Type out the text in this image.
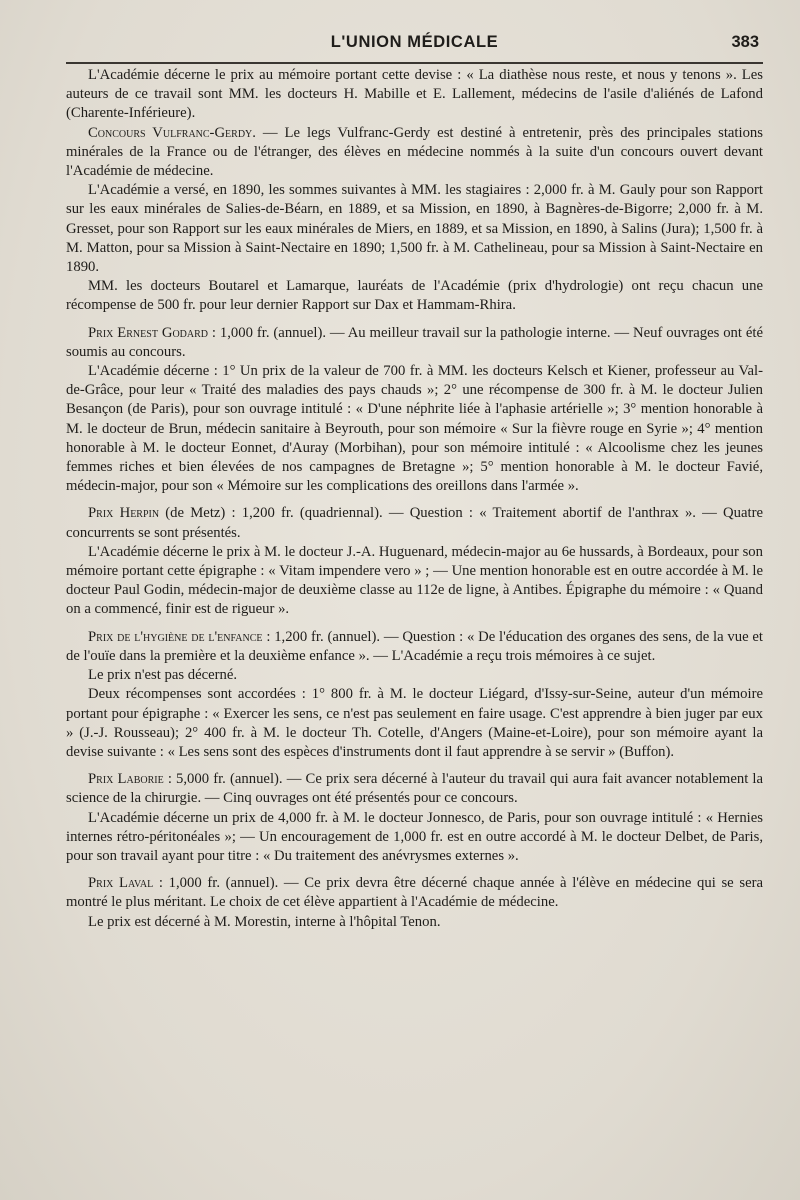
L'UNION MÉDICALE	383

L'Académie décerne le prix au mémoire portant cette devise : « La diathèse nous reste, et nous y tenons ». Les auteurs de ce travail sont MM. les docteurs H. Mabille et E. Lallement, médecins de l'asile d'aliénés de Lafond (Charente-Inférieure).

Concours Vulfranc-Gerdy. — Le legs Vulfranc-Gerdy est destiné à entretenir, près des principales stations minérales de la France ou de l'étranger, des élèves en médecine nommés à la suite d'un concours ouvert devant l'Académie de médecine.

L'Académie a versé, en 1890, les sommes suivantes à MM. les stagiaires : 2,000 fr. à M. Gauly pour son Rapport sur les eaux minérales de Salies-de-Béarn, en 1889, et sa Mission, en 1890, à Bagnères-de-Bigorre; 2,000 fr. à M. Gresset, pour son Rapport sur les eaux minérales de Miers, en 1889, et sa Mission, en 1890, à Salins (Jura); 1,500 fr. à M. Matton, pour sa Mission à Saint-Nectaire en 1890; 1,500 fr. à M. Cathelineau, pour sa Mission à Saint-Nectaire en 1890.

MM. les docteurs Boutarel et Lamarque, lauréats de l'Académie (prix d'hydrologie) ont reçu chacun une récompense de 500 fr. pour leur dernier Rapport sur Dax et Hammam-Rhira.

Prix Ernest Godard : 1,000 fr. (annuel). — Au meilleur travail sur la pathologie interne. — Neuf ouvrages ont été soumis au concours.

L'Académie décerne : 1° Un prix de la valeur de 700 fr. à MM. les docteurs Kelsch et Kiener, professeur au Val-de-Grâce, pour leur « Traité des maladies des pays chauds »; 2° une récompense de 300 fr. à M. le docteur Julien Besançon (de Paris), pour son ouvrage intitulé : « D'une néphrite liée à l'aphasie artérielle »; 3° mention honorable à M. le docteur de Brun, médecin sanitaire à Beyrouth, pour son mémoire « Sur la fièvre rouge en Syrie »; 4° mention honorable à M. le docteur Eonnet, d'Auray (Morbihan), pour son mémoire intitulé : « Alcoolisme chez les jeunes femmes riches et bien élevées de nos campagnes de Bretagne »; 5° mention honorable à M. le docteur Favié, médecin-major, pour son « Mémoire sur les complications des oreillons dans l'armée ».

Prix Herpin (de Metz) : 1,200 fr. (quadriennal). — Question : « Traitement abortif de l'anthrax ». — Quatre concurrents se sont présentés.

L'Académie décerne le prix à M. le docteur J.-A. Huguenard, médecin-major au 6e hussards, à Bordeaux, pour son mémoire portant cette épigraphe : « Vitam impendere vero » ; — Une mention honorable est en outre accordée à M. le docteur Paul Godin, médecin-major de deuxième classe au 112e de ligne, à Antibes. Épigraphe du mémoire : « Quand on a commencé, finir est de rigueur ».

Prix de l'hygiène de l'enfance : 1,200 fr. (annuel). — Question : « De l'éducation des organes des sens, de la vue et de l'ouïe dans la première et la deuxième enfance ». — L'Académie a reçu trois mémoires à ce sujet.

Le prix n'est pas décerné.

Deux récompenses sont accordées : 1° 800 fr. à M. le docteur Liégard, d'Issy-sur-Seine, auteur d'un mémoire portant pour épigraphe : « Exercer les sens, ce n'est pas seulement en faire usage. C'est apprendre à bien juger par eux » (J.-J. Rousseau); 2° 400 fr. à M. le docteur Th. Cotelle, d'Angers (Maine-et-Loire), pour son mémoire ayant la devise suivante : « Les sens sont des espèces d'instruments dont il faut apprendre à se servir » (Buffon).

Prix Laborie : 5,000 fr. (annuel). — Ce prix sera décerné à l'auteur du travail qui aura fait avancer notablement la science de la chirurgie. — Cinq ouvrages ont été présentés pour ce concours.

L'Académie décerne un prix de 4,000 fr. à M. le docteur Jonnesco, de Paris, pour son ouvrage intitulé : « Hernies internes rétro-péritonéales »; — Un encouragement de 1,000 fr. est en outre accordé à M. le docteur Delbet, de Paris, pour son travail ayant pour titre : « Du traitement des anévrysmes externes ».

Prix Laval : 1,000 fr. (annuel). — Ce prix devra être décerné chaque année à l'élève en médecine qui se sera montré le plus méritant. Le choix de cet élève appartient à l'Académie de médecine.

Le prix est décerné à M. Morestin, interne à l'hôpital Tenon.
